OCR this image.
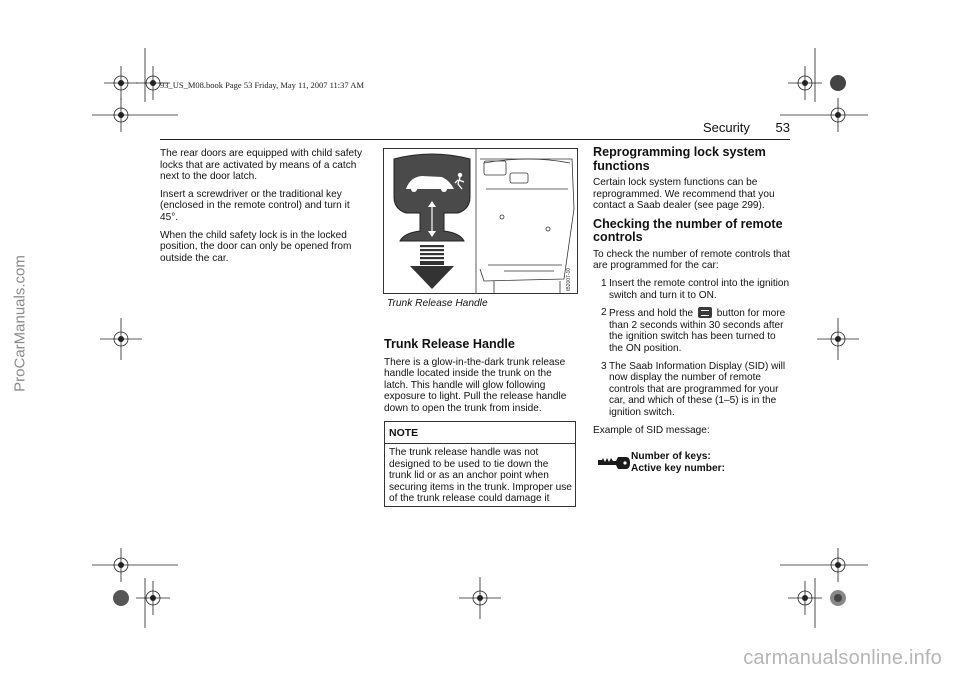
93_US_M08.book Page 53 Friday, May 11, 2007 11:37 AM
ProCarManuals.com
Security 53

The rear doors are equipped with child safety locks that are activated by means of a catch next to the door latch.

Insert a screwdriver or the traditional key (enclosed in the remote control) and turn it 45°.

When the child safety lock is in the locked position, the door can only be opened from outside the car.

IB2007-10
Trunk Release Handle
Trunk Release Handle

There is a glow-in-the-dark trunk release handle located inside the trunk on the latch. This handle will glow following exposure to light. Pull the release handle down to open the trunk from inside.

NOTE
The trunk release handle was not designed to be used to tie down the trunk lid or as an anchor point when securing items in the trunk. Improper use of the trunk release could damage it
Reprogramming lock system functions

Certain lock system functions can be reprogrammed. We recommend that you contact a Saab dealer (see page 299).

Checking the number of remote controls

To check the number of remote controls that are programmed for the car:

1 Insert the remote control into the ignition switch and turn it to ON.
2 Press and hold the button for more than 2 seconds within 30 seconds after the ignition switch has been turned to the ON position.
3 The Saab Information Display (SID) will now display the number of remote controls that are programmed for your car, and which of these (1–5) is in the ignition switch.

Example of SID message:

Number of keys:
Active key number:
carmanualsonline.info
